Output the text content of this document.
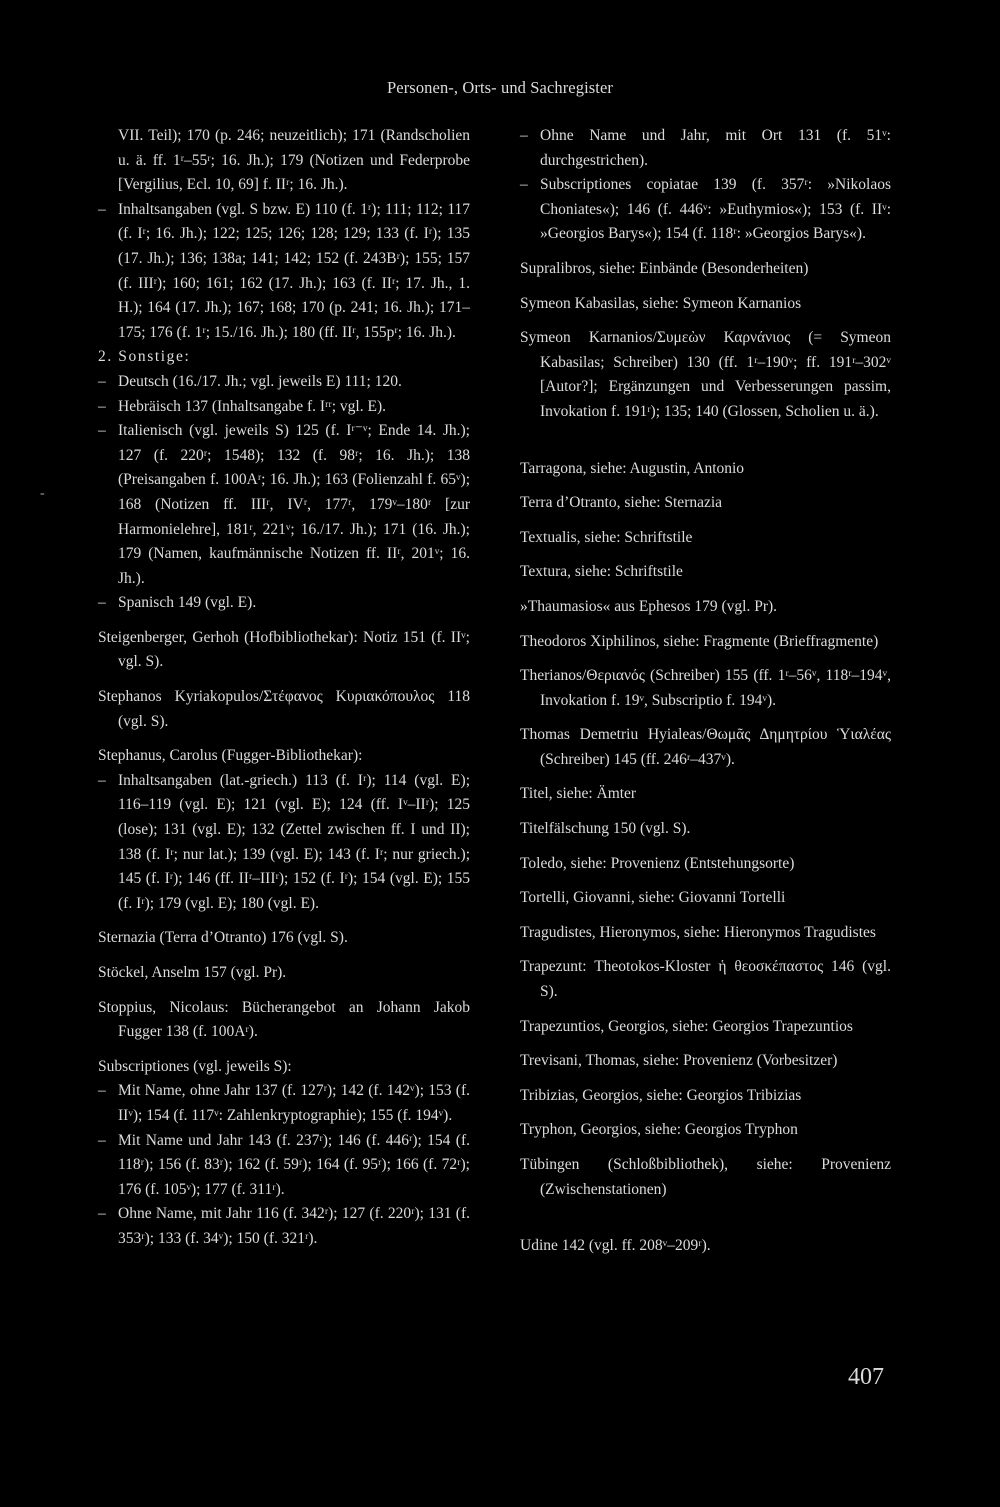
Personen-, Orts- und Sachregister
VII. Teil); 170 (p. 246; neuzeitlich); 171 (Randscholien u. ä. ff. 1ʳ–55ʳ; 16. Jh.); 179 (Notizen und Federprobe [Vergilius, Ecl. 10, 69] f. IIʳ; 16. Jh.).
– Inhaltsangaben (vgl. S bzw. E) 110 (f. 1ʳ); 111; 112; 117 (f. Iʳ; 16. Jh.); 122; 125; 126; 128; 129; 133 (f. Iʳ); 135 (17. Jh.); 136; 138a; 141; 142; 152 (f. 243Bʳ); 155; 157 (f. IIIʳ); 160; 161; 162 (17. Jh.); 163 (f. IIʳ; 17. Jh., 1. H.); 164 (17. Jh.); 167; 168; 170 (p. 241; 16. Jh.); 171–175; 176 (f. 1ʳ; 15./16. Jh.); 180 (ff. IIʳ, 155pʳ; 16. Jh.).
2. Sonstige:
– Deutsch (16./17. Jh.; vgl. jeweils E) 111; 120.
– Hebräisch 137 (Inhaltsangabe f. Iʳʳ; vgl. E).
– Italienisch (vgl. jeweils S) 125 (f. Iʳ⁻ᵛ; Ende 14. Jh.); 127 (f. 220ʳ; 1548); 132 (f. 98ʳ; 16. Jh.); 138 (Preisangaben f. 100Aʳ; 16. Jh.); 163 (Folienzahl f. 65ᵛ); 168 (Notizen ff. IIIʳ, IVʳ, 177ʳ, 179ᵛ–180ʳ [zur Harmonielehre], 181ʳ, 221ᵛ; 16./17. Jh.); 171 (16. Jh.); 179 (Namen, kaufmännische Notizen ff. IIʳ, 201ᵛ; 16. Jh.).
– Spanisch 149 (vgl. E).
Steigenberger, Gerhoh (Hofbibliothekar): Notiz 151 (f. IIᵛ; vgl. S).
Stephanos Kyriakopulos/Στέφανος Κυριακόπουλος 118 (vgl. S).
Stephanus, Carolus (Fugger-Bibliothekar):
– Inhaltsangaben (lat.-griech.) 113 (f. Iʳ); 114 (vgl. E); 116–119 (vgl. E); 121 (vgl. E); 124 (ff. Iᵛ–IIʳ); 125 (lose); 131 (vgl. E); 132 (Zettel zwischen ff. I und II); 138 (f. Iʳ; nur lat.); 139 (vgl. E); 143 (f. Iʳ; nur griech.); 145 (f. Iʳ); 146 (ff. IIʳ–IIIʳ); 152 (f. Iʳ); 154 (vgl. E); 155 (f. Iʳ); 179 (vgl. E); 180 (vgl. E).
Sternazia (Terra d’Otranto) 176 (vgl. S).
Stöckel, Anselm 157 (vgl. Pr).
Stoppius, Nicolaus: Bücherangebot an Johann Jakob Fugger 138 (f. 100Aʳ).
Subscriptiones (vgl. jeweils S):
– Mit Name, ohne Jahr 137 (f. 127ʳ); 142 (f. 142ᵛ); 153 (f. IIᵛ); 154 (f. 117ᵛ: Zahlenkryptographie); 155 (f. 194ᵛ).
– Mit Name und Jahr 143 (f. 237ʳ); 146 (f. 446ʳ); 154 (f. 118ʳ); 156 (f. 83ʳ); 162 (f. 59ʳ); 164 (f. 95ʳ); 166 (f. 72ʳ); 176 (f. 105ᵛ); 177 (f. 311ʳ).
– Ohne Name, mit Jahr 116 (f. 342ʳ); 127 (f. 220ʳ); 131 (f. 353ʳ); 133 (f. 34ᵛ); 150 (f. 321ʳ).
– Ohne Name und Jahr, mit Ort 131 (f. 51ᵛ: durchgestrichen).
– Subscriptiones copiatae 139 (f. 357ʳ: »Nikolaos Choniates«); 146 (f. 446ᵛ: »Euthymios«); 153 (f. IIᵛ: »Georgios Barys«); 154 (f. 118ʳ: »Georgios Barys«).
Supralibros, siehe: Einbände (Besonderheiten)
Symeon Kabasilas, siehe: Symeon Karnanios
Symeon Karnanios/Συμεὼν Καρνάνιος (= Symeon Kabasilas; Schreiber) 130 (ff. 1ʳ–190ᵛ; ff. 191ʳ–302ᵛ [Autor?]; Ergänzungen und Verbesserungen passim, Invokation f. 191ʳ); 135; 140 (Glossen, Scholien u. ä.).
Tarragona, siehe: Augustin, Antonio
Terra d’Otranto, siehe: Sternazia
Textualis, siehe: Schriftstile
Textura, siehe: Schriftstile
»Thaumasios« aus Ephesos 179 (vgl. Pr).
Theodoros Xiphilinos, siehe: Fragmente (Brieffragmente)
Therianos/Θεριανός (Schreiber) 155 (ff. 1ʳ–56ᵛ, 118ʳ–194ᵛ, Invokation f. 19ᵛ, Subscriptio f. 194ᵛ).
Thomas Demetriu Hyialeas/Θωμᾶς Δημητρίου Ὑιαλέας (Schreiber) 145 (ff. 246ʳ–437ᵛ).
Titel, siehe: Ämter
Titelfälschung 150 (vgl. S).
Toledo, siehe: Provenienz (Entstehungsorte)
Tortelli, Giovanni, siehe: Giovanni Tortelli
Tragudistes, Hieronymos, siehe: Hieronymos Tragudistes
Trapezunt: Theotokos-Kloster ἡ θεοσκέπαστος 146 (vgl. S).
Trapezuntios, Georgios, siehe: Georgios Trapezuntios
Trevisani, Thomas, siehe: Provenienz (Vorbesitzer)
Tribizias, Georgios, siehe: Georgios Tribizias
Tryphon, Georgios, siehe: Georgios Tryphon
Tübingen (Schloßbibliothek), siehe: Provenienz (Zwischenstationen)
Udine 142 (vgl. ff. 208ᵛ–209ʳ).
-
407
